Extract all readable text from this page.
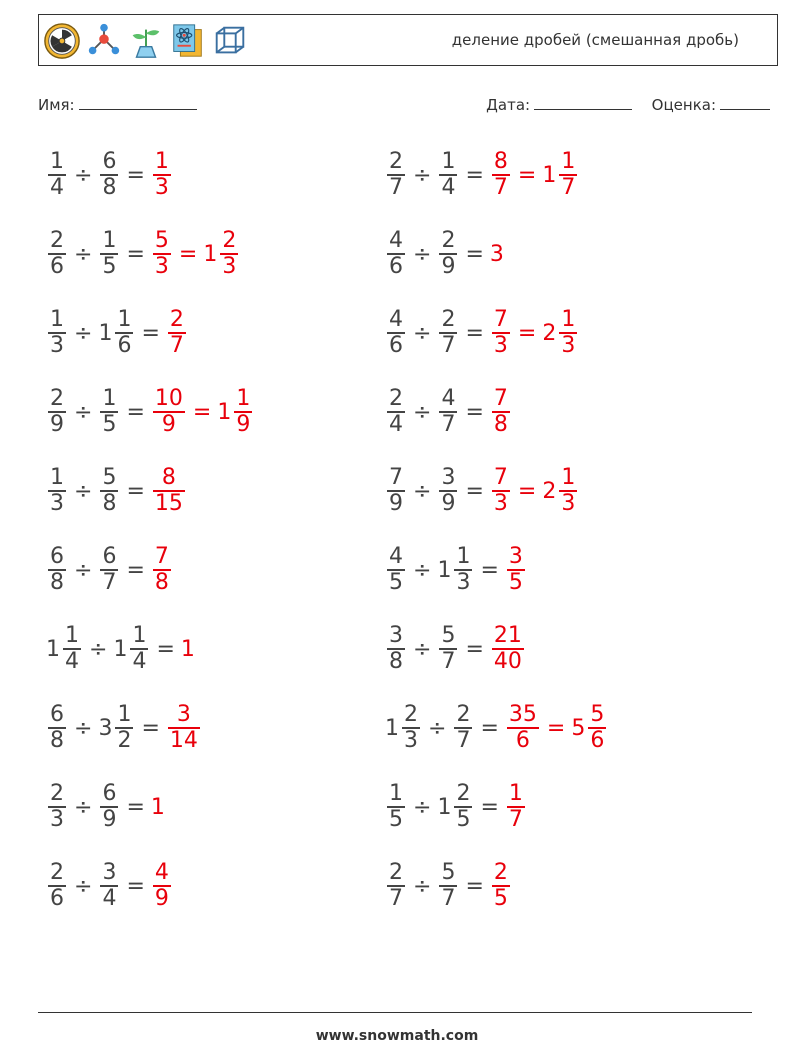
деление дробей (смешанная дробь)
Имя:	Дата:	Оценка:
$\frac{1}{4} \div \frac{6}{8} = \frac{1}{3}$	$\frac{2}{7} \div \frac{1}{4} = \frac{8}{7} = 1 \frac{1}{7}$
$\frac{2}{6} \div \frac{1}{5} = \frac{5}{3} = 1 \frac{2}{3}$	$\frac{4}{6} \div \frac{2}{9} = 3$
$\frac{1}{3} \div 1 \frac{1}{6} = \frac{2}{7}$	$\frac{4}{6} \div \frac{2}{7} = \frac{7}{3} = 2 \frac{1}{3}$
$\frac{2}{9} \div \frac{1}{5} = \frac{10}{9} = 1 \frac{1}{9}$	$\frac{2}{4} \div \frac{4}{7} = \frac{7}{8}$
$\frac{1}{3} \div \frac{5}{8} = \frac{8}{15}$	$\frac{7}{9} \div \frac{3}{9} = \frac{7}{3} = 2 \frac{1}{3}$
$\frac{6}{8} \div \frac{6}{7} = \frac{7}{8}$	$\frac{4}{5} \div 1 \frac{1}{3} = \frac{3}{5}$
$1 \frac{1}{4} \div 1 \frac{1}{4} = 1$	$\frac{3}{8} \div \frac{5}{7} = \frac{21}{40}$
$\frac{6}{8} \div 3 \frac{1}{2} = \frac{3}{14}$	$1 \frac{2}{3} \div \frac{2}{7} = \frac{35}{6} = 5 \frac{5}{6}$
$\frac{2}{3} \div \frac{6}{9} = 1$	$\frac{1}{5} \div 1 \frac{2}{5} = \frac{1}{7}$
$\frac{2}{6} \div \frac{3}{4} = \frac{4}{9}$	$\frac{2}{7} \div \frac{5}{7} = \frac{2}{5}$
www.snowmath.com
